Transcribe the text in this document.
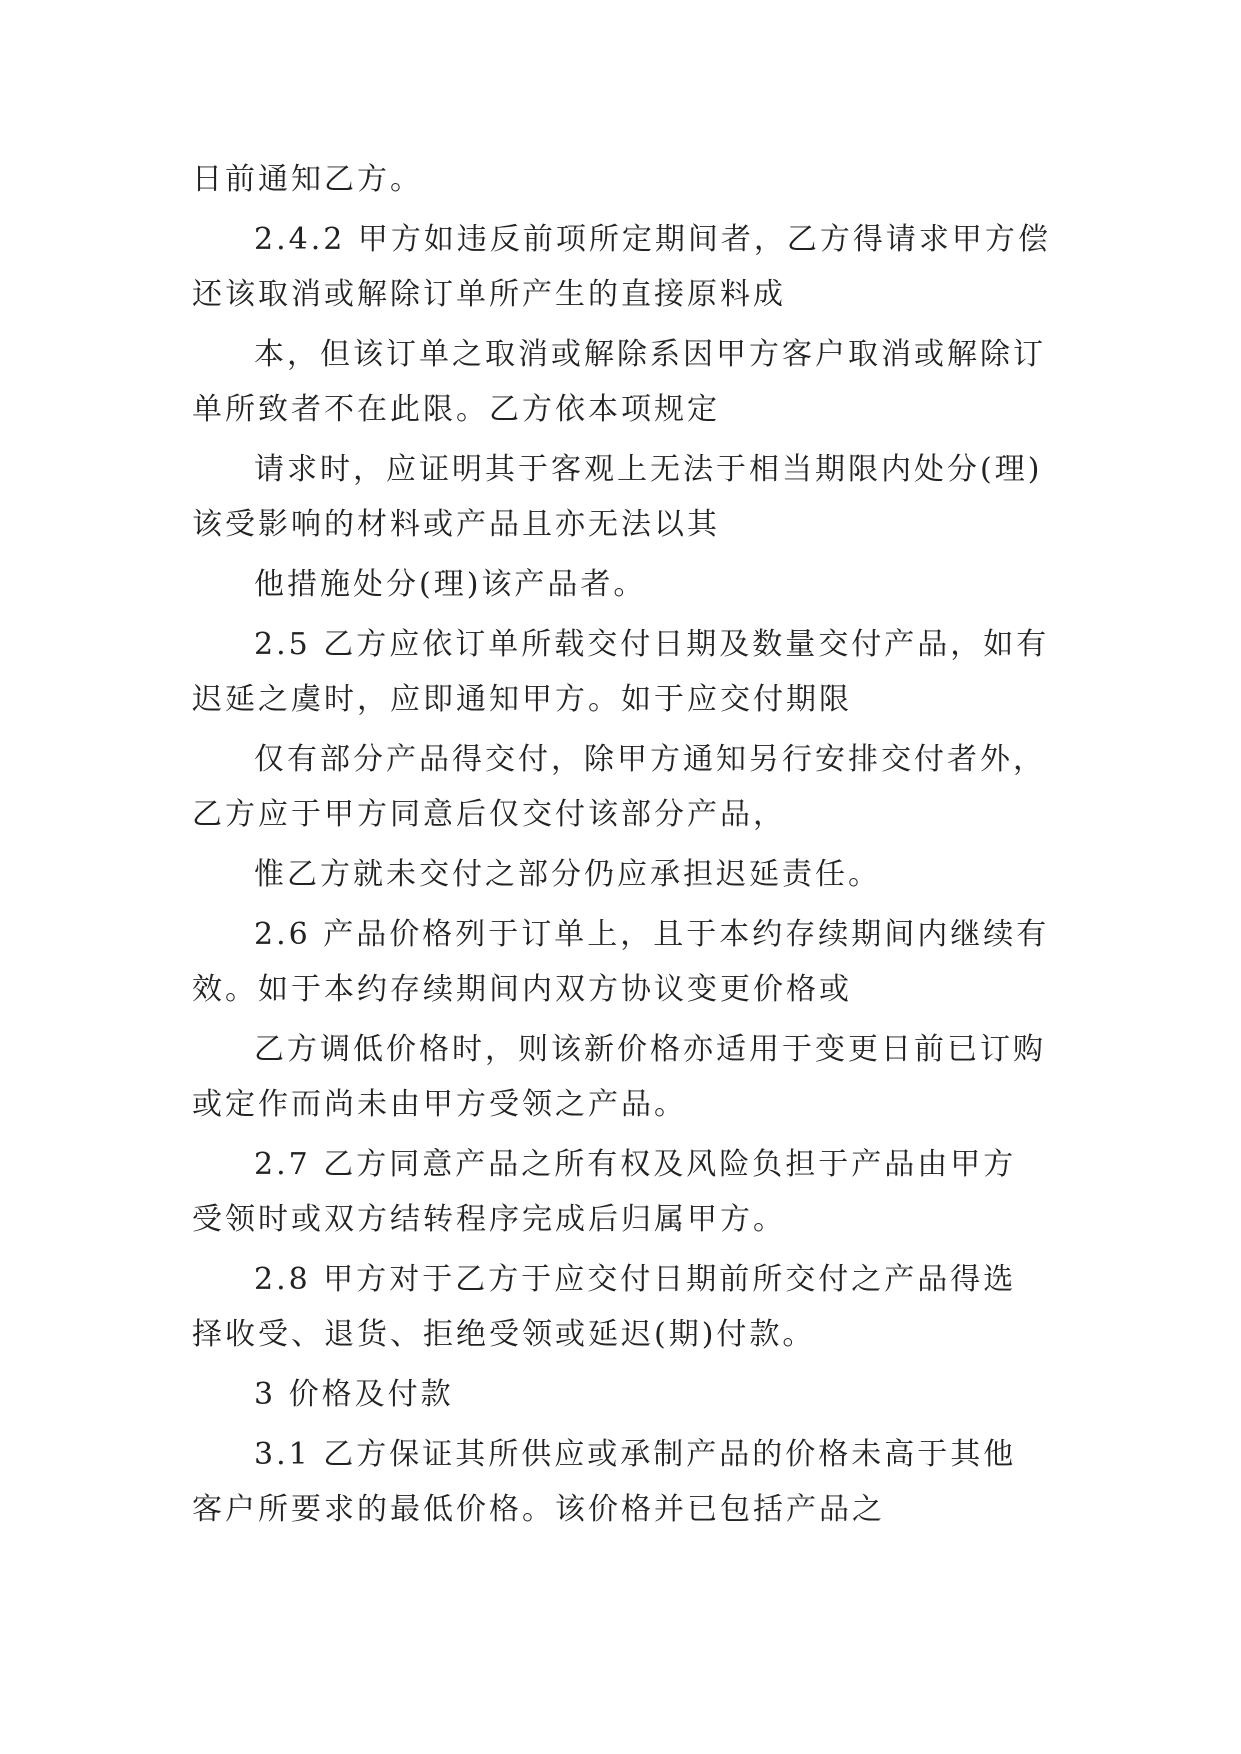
日前通知乙方。
2.4.2 甲方如违反前项所定期间者，乙方得请求甲方偿
还该取消或解除订单所产生的直接原料成
本，但该订单之取消或解除系因甲方客户取消或解除订
单所致者不在此限。乙方依本项规定
请求时，应证明其于客观上无法于相当期限内处分(理)
该受影响的材料或产品且亦无法以其
他措施处分(理)该产品者。
2.5 乙方应依订单所载交付日期及数量交付产品，如有
迟延之虞时，应即通知甲方。如于应交付期限
仅有部分产品得交付，除甲方通知另行安排交付者外，
乙方应于甲方同意后仅交付该部分产品，
惟乙方就未交付之部分仍应承担迟延责任。
2.6 产品价格列于订单上，且于本约存续期间内继续有
效。如于本约存续期间内双方协议变更价格或
乙方调低价格时，则该新价格亦适用于变更日前已订购
或定作而尚未由甲方受领之产品。
2.7 乙方同意产品之所有权及风险负担于产品由甲方
受领时或双方结转程序完成后归属甲方。
2.8 甲方对于乙方于应交付日期前所交付之产品得选
择收受、退货、拒绝受领或延迟(期)付款。
3 价格及付款
3.1 乙方保证其所供应或承制产品的价格未高于其他
客户所要求的最低价格。该价格并已包括产品之
